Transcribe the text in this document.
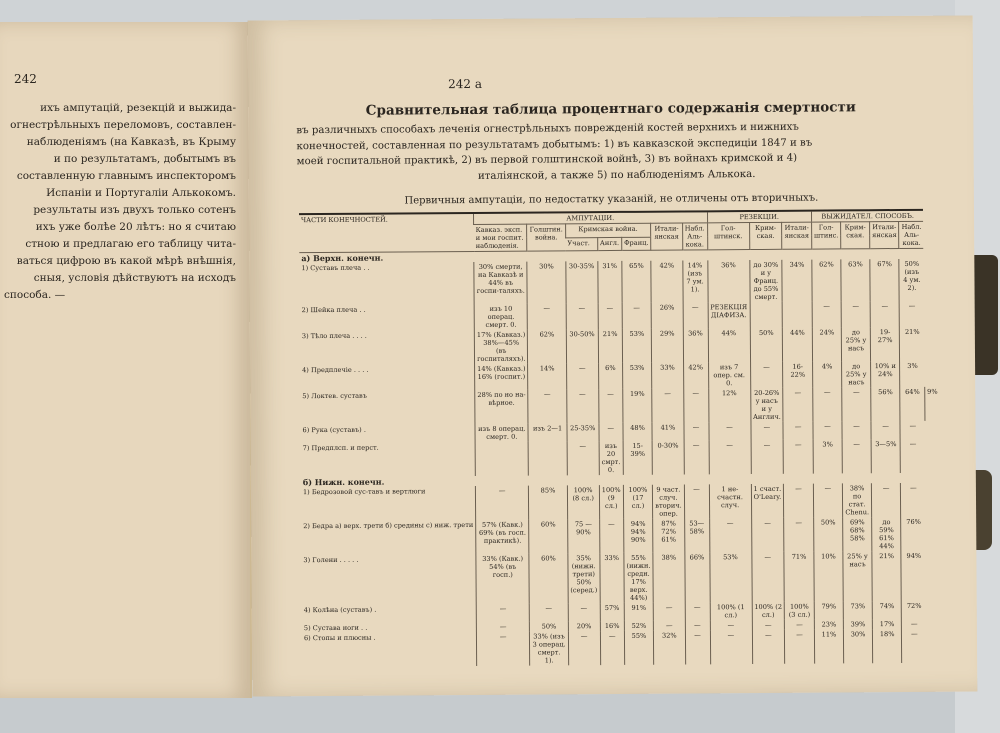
242
ихъ ампутацій, резекцій и выжида-
огнестрѣльныхъ переломовъ, составлен-
наблюденіямъ (на Кавказѣ, въ Крыму
и по результатамъ, добытымъ въ
составленную главнымъ инспекторомъ
Испаніи и Португаліи Алькокомъ.
результаты изъ двухъ только сотенъ
ихъ уже болѣе 20 лѣтъ: но я считаю
стною и предлагаю его таблицу чита-
ваться цифрою въ какой мѣрѣ внѣшнія,
сныя, условія дѣйствуютъ на исходъ
способа. —
242 a
Сравнительная таблица процентнаго содержанія смертности
въ различныхъ способахъ леченія огнестрѣльныхъ поврежденій костей верхнихъ и нижнихъ
конечностей, составленная по результатамъ добытымъ: 1) въ кавказской экспедиціи 1847 и въ
моей госпитальной практикѣ, 2) въ первой голштинской войнѣ, 3) въ войнахъ кримской и 4)
италіянской, а также 5) по наблюденіямъ Алькока.
Первичныя ампутаціи, по недостатку указаній, не отличены отъ вторичныхъ.
ЧАСТИ КОНЕЧНОСТЕЙ.	АМПУТАЦІИ.							РЕЗЕКЦІИ.			ВЫЖИДАТЕЛ. СПОСОБЪ.				
	Кавказ. эксп. и мои госпит. наблюденія.	Голштин. война.	Кримская война.			Итали-янская	Набл. Аль-кока.	Гол-штинск.	Крим-ская.	Итали-янская	Гол-штинс.	Крим-ская.	Итали-янская	Набл. Аль-кока.	
			Участ.	Англ.	Франц.										
a) Верхн. конечн.															
1) Суставъ плеча . .	30% смерти, на Кавказѣ и 44% въ госпи-таляхъ.	30%	30-35%	31%	65%	42%	14% (изъ 7 ум. 1).	36%	до 30% и у Франц. до 55% смерт.	34%	62%	63%	67%	50% (изъ 4 ум. 2).	
2) Шейка плеча . .	изъ 10 операц. смерт. 0.	—	—	—	—	26%	—	РЕЗЕКЦІЯ ДІАФИЗА.			—	—	—	—	
3) Тѣло плеча . . . .	17% (Кавказ.) 38%—45% (въ госпиталяхъ).	62%	30-50%	21%	53%	29%	36%	44%	50%	44%	24%	до 25% у насъ	19-27%	21%	
4) Предплечіе . . . .	14% (Кавказ.) 16% (госпит.)	14%	—	6%	53%	33%	42%	изъ 7 опер. см. 0.	—	16-22%	4%	до 25% у насъ	10% и 24%	3%	
5) Локтев. суставъ	28% по но на-вѣрное.	—	—	—	19%	—	—	12%	20-26% у насъ и у Англич.	—	—	—	56%	64%	9%
6) Рука (суставъ) .	изъ 8 операц. смерт. 0.	изъ 2—1	25-35%	—	48%	41%	—	—	—	—	—	—	—	—	
7) Предплсп. и перст.			—	изъ 20 смрт. 0.	15-39%	0-30%	—	—	—	—	3%	—	3—5%	—	
б) Нижн. конечн.															
1) Бедрозовой сус-тавъ и вертлюги	—	85%	100% (8 сл.)	100% (9 сл.)	100% (17 сл.)	9 част. случ. вторич. опер.	—	1 не-счастн. случ.	1 счаст. O'Leary.	—	—	38% по стат. Chenu.	—	—	
2) Бедра а) верх. трети б) средины с) ниж. трети	57% (Кавк.) 69% (въ госп. практикѣ).	60%	75 — 90%	—	94% 94% 90%	87% 72% 61%	53— 58%	—	—	—	50%	69% 68% 58%	до 59% 61% 44%	76%	
3) Голени . . . . .	33% (Кавк.) 54% (въ госп.)	60%	35% (нижн. трети) 50% (серед.)	33%	55% (нижн. средн. 17% верх. 44%)	38%	66%	53%	—	71%	10%	25% у насъ	21%	94%	
4) Колѣна (суставъ) .	—	—	—	57%	91%	—	—	100% (1 сл.)	100% (2 сл.)	100% (3 сл.)	79%	73%	74%	72%	
5) Сустава ноги . .	—	50%	20%	16%	52%	—	—	—	—	—	23%	39%	17%	—	
6) Стопы и плюсны .	—	33% (изъ 3 операц. смерт. 1).	—	—	55%	32%	—	—	—	—	11%	30%	18%	—	
